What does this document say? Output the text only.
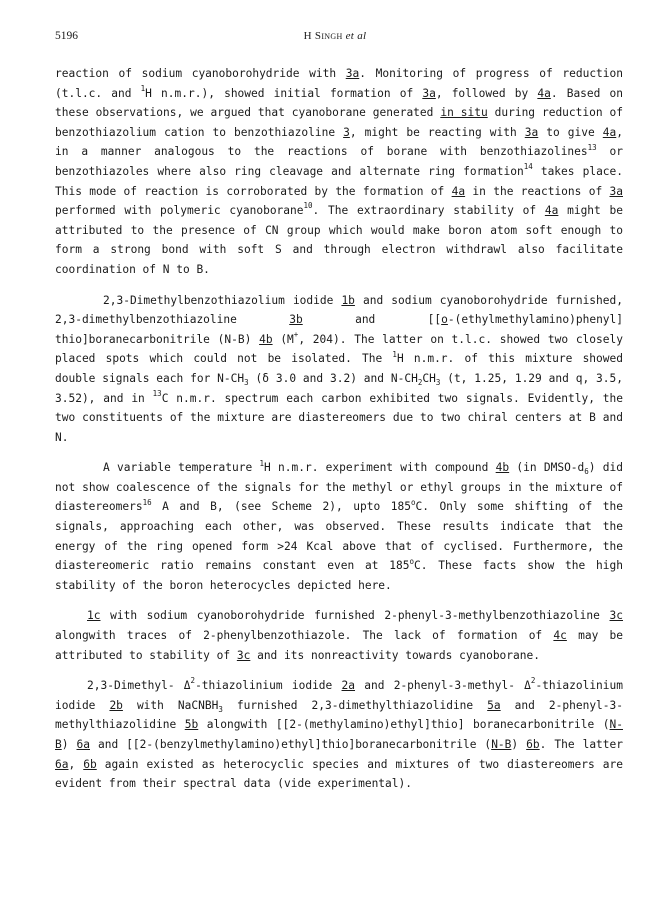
5196	H Singh et al

reaction of sodium cyanoborohydride with 3a. Monitoring of progress of reduction (t.l.c. and $^1$H n.m.r.), showed initial formation of 3a, followed by 4a. Based on these observations, we argued that cyanoborane generated in situ during reduction of benzothiazolium cation to benzothiazoline 3, might be reacting with 3a to give 4a, in a manner analogous to the reactions of borane with benzothiazolines$^{13}$ or benzothiazoles where also ring cleavage and alternate ring formation$^{14}$ takes place. This mode of reaction is corroborated by the formation of 4a in the reactions of 3a performed with polymeric cyanoborane$^{10}$. The extraordinary stability of 4a might be attributed to the presence of CN group which would make boron atom soft enough to form a strong bond with soft S and through electron withdrawl also facilitate coordination of N to B.

2,3-Dimethylbenzothiazolium iodide 1b and sodium cyanoborohydride furnished, 2,3-dimethylbenzothiazoline 3b and [[o-(ethylmethylamino)phenyl] thio]boranecarbonitrile (N-B) 4b (M+, 204). The latter on t.l.c. showed two closely placed spots which could not be isolated. The $^1$H n.m.r. of this mixture showed double signals each for $N-CH_3$ (δ 3.0 and 3.2) and $N-CH_2CH_3$ (t, 1.25, 1.29 and q, 3.5, 3.52), and in $^{13}$C n.m.r. spectrum each carbon exhibited two signals. Evidently, the two constituents of the mixture are diastereomers due to two chiral centers at B and N.

A variable temperature $^1$H n.m.r. experiment with compound 4b (in DMSO-$d_6$) did not show coalescence of the signals for the methyl or ethyl groups in the mixture of diastereomers$^{16}$ A and B, (see Scheme 2), upto 185$^o$C. Only some shifting of the signals, approaching each other, was observed. These results indicate that the energy of the ring opened form >24 Kcal above that of cyclised. Furthermore, the diastereomeric ratio remains constant even at 185$^o$C. These facts show the high stability of the boron heterocycles depicted here.

1c with sodium cyanoborohydride furnished 2-phenyl-3-methylbenzothiazoline 3c alongwith traces of 2-phenylbenzothiazole. The lack of formation of 4c may be attributed to stability of 3c and its nonreactivity towards cyanoborane.

2,3-Dimethyl- $\Delta^2$-thiazolinium iodide 2a and 2-phenyl-3-methyl- $\Delta^2$-thiazolinium iodide 2b with NaCNBH$_3$ furnished 2,3-dimethylthiazolidine 5a and 2-phenyl-3-methylthiazolidine 5b alongwith [[2-(methylamino)ethyl]thio] boranecarbonitrile (N-B) 6a and [[2-(benzylmethylamino)ethyl]thio]boranecarbonitrile (N-B) 6b. The latter 6a, 6b again existed as heterocyclic species and mixtures of two diastereomers are evident from their spectral data (vide experimental).
